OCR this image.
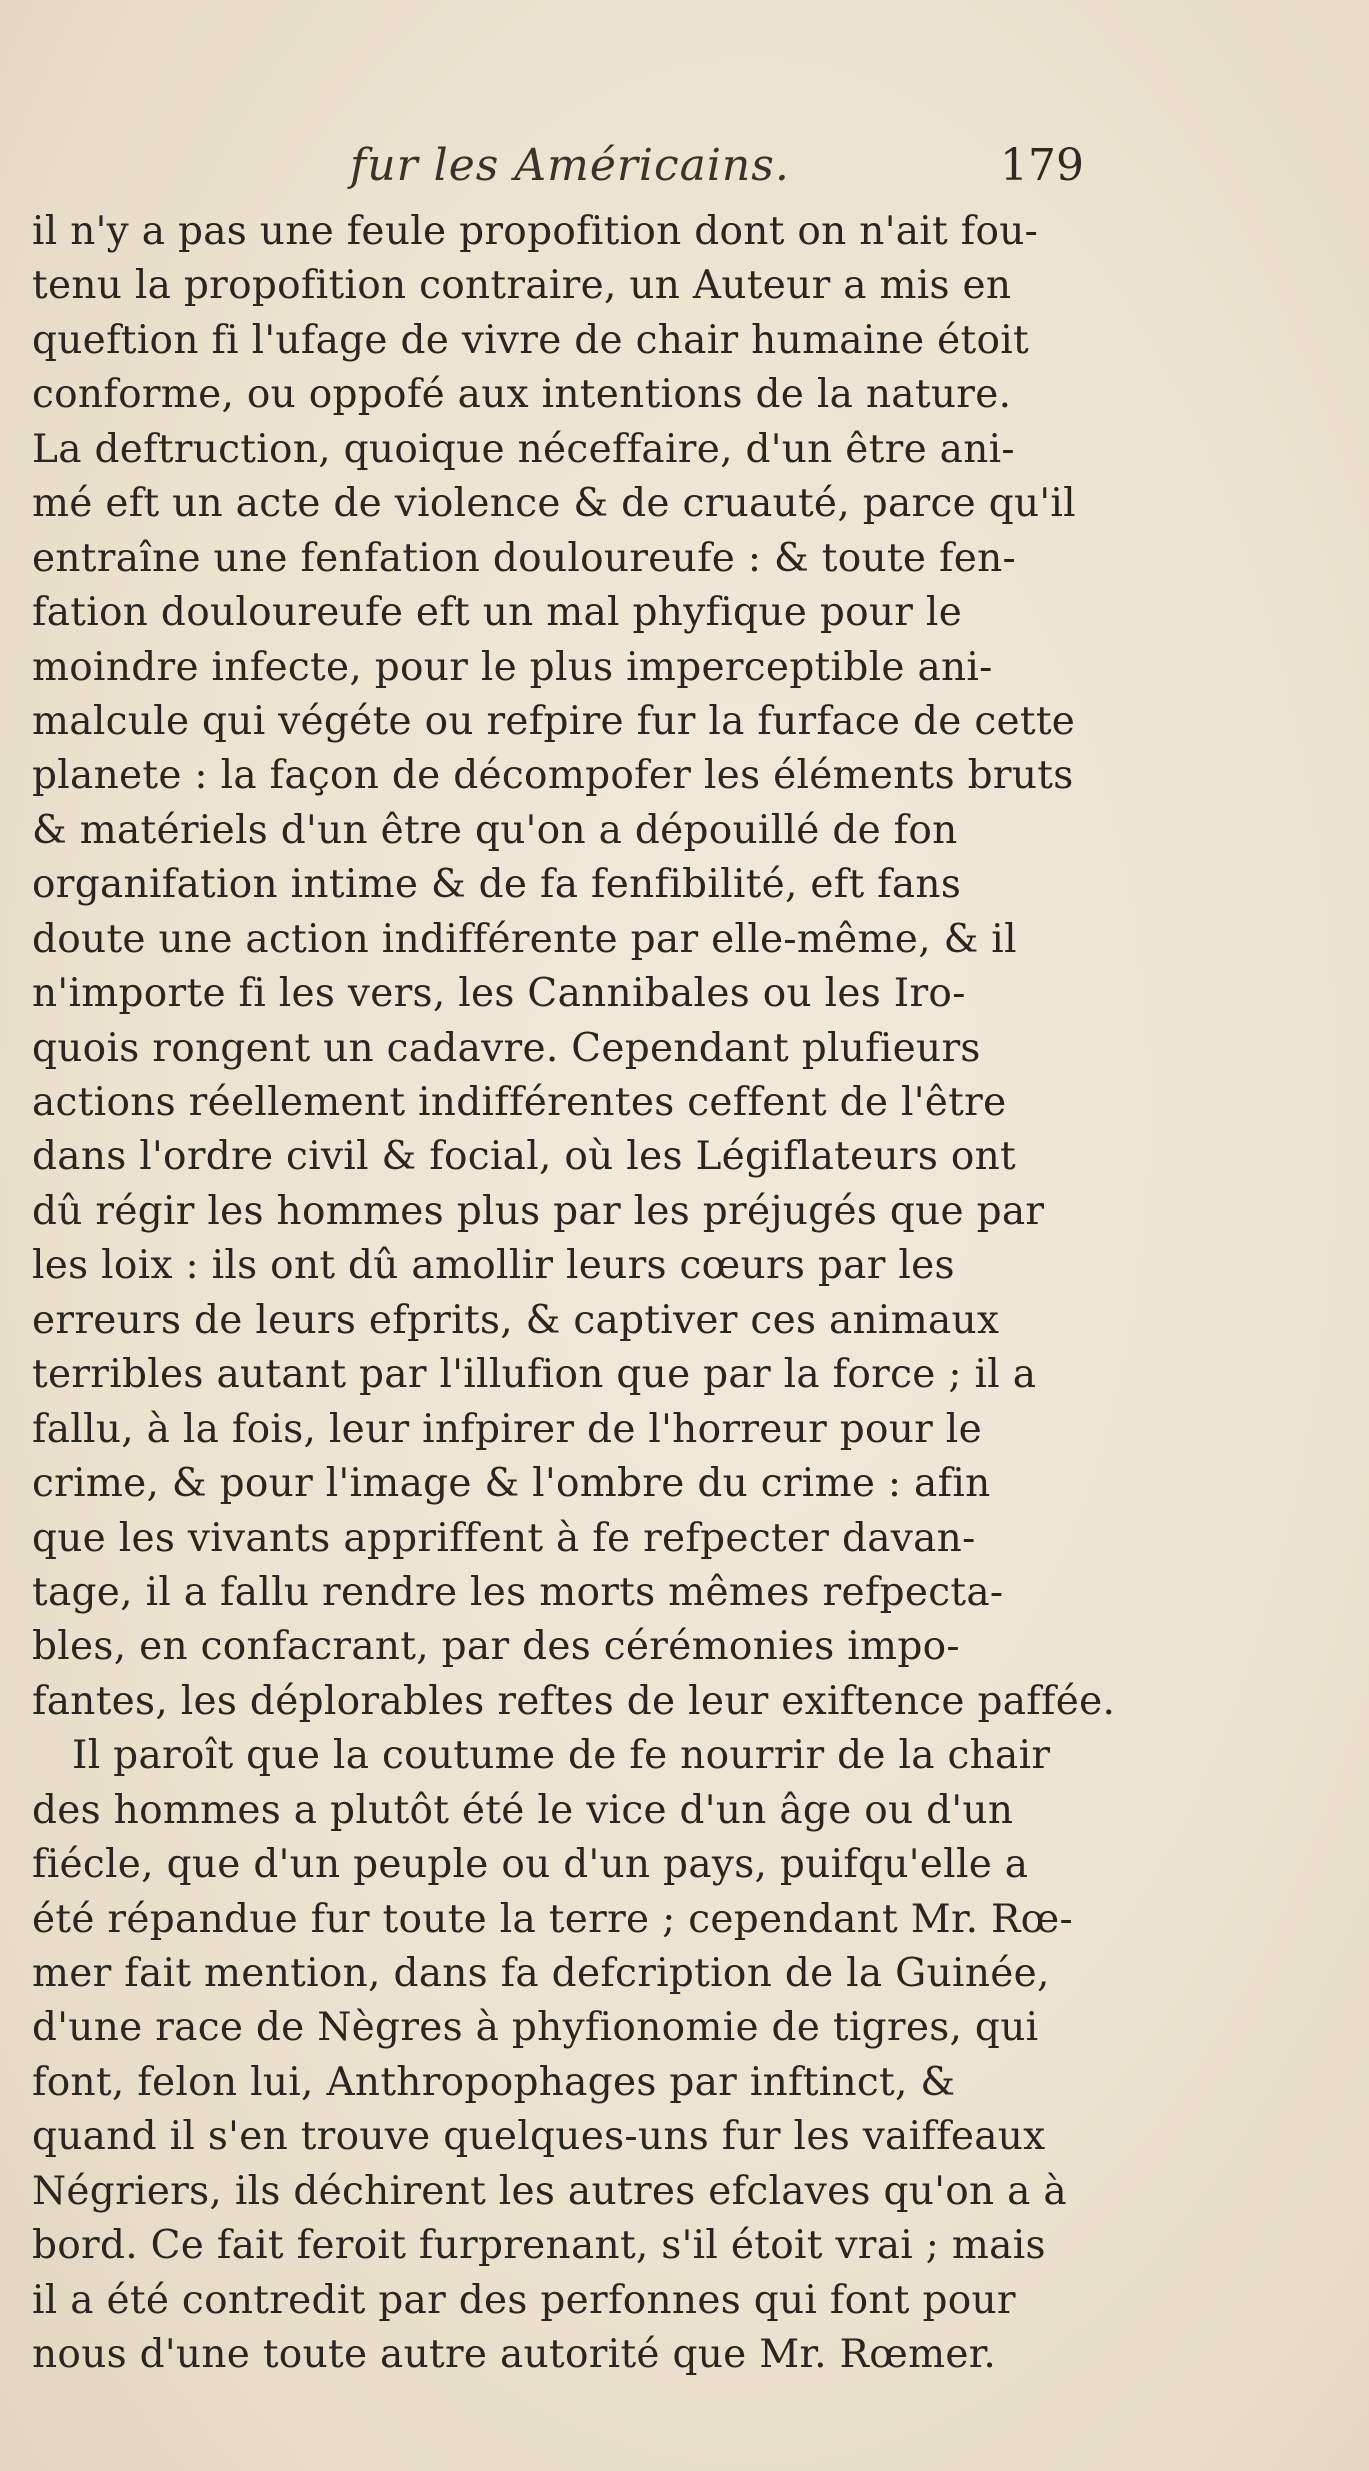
fur les Américains.	179
il n'y a pas une feule propofition dont on n'ait fou-
tenu la propofition contraire, un Auteur a mis en
queftion fi l'ufage de vivre de chair humaine étoit
conforme, ou oppofé aux intentions de la nature.
La deftruction, quoique néceffaire, d'un être ani-
mé eft un acte de violence & de cruauté, parce qu'il
entraîne une fenfation douloureufe : & toute fen-
fation douloureufe eft un mal phyfique pour le
moindre infecte, pour le plus imperceptible ani-
malcule qui végéte ou refpire fur la furface de cette
planete : la façon de décompofer les éléments bruts
& matériels d'un être qu'on a dépouillé de fon
organifation intime & de fa fenfibilité, eft fans
doute une action indifférente par elle-même, & il
n'importe fi les vers, les Cannibales ou les Iro-
quois rongent un cadavre. Cependant plufieurs
actions réellement indifférentes ceffent de l'être
dans l'ordre civil & focial, où les Légiflateurs ont
dû régir les hommes plus par les préjugés que par
les loix : ils ont dû amollir leurs cœurs par les
erreurs de leurs efprits, & captiver ces animaux
terribles autant par l'illufion que par la force ; il a
fallu, à la fois, leur infpirer de l'horreur pour le
crime, & pour l'image & l'ombre du crime : afin
que les vivants appriffent à fe refpecter davan-
tage, il a fallu rendre les morts mêmes refpecta-
bles, en confacrant, par des cérémonies impo-
fantes, les déplorables reftes de leur exiftence paffée.
Il paroît que la coutume de fe nourrir de la chair
des hommes a plutôt été le vice d'un âge ou d'un
fiécle, que d'un peuple ou d'un pays, puifqu'elle a
été répandue fur toute la terre ; cependant Mr. Rœ-
mer fait mention, dans fa defcription de la Guinée,
d'une race de Nègres à phyfionomie de tigres, qui
font, felon lui, Anthropophages par inftinct, &
quand il s'en trouve quelques-uns fur les vaiffeaux
Négriers, ils déchirent les autres efclaves qu'on a à
bord. Ce fait feroit furprenant, s'il étoit vrai ; mais
il a été contredit par des perfonnes qui font pour
nous d'une toute autre autorité que Mr. Rœmer.
